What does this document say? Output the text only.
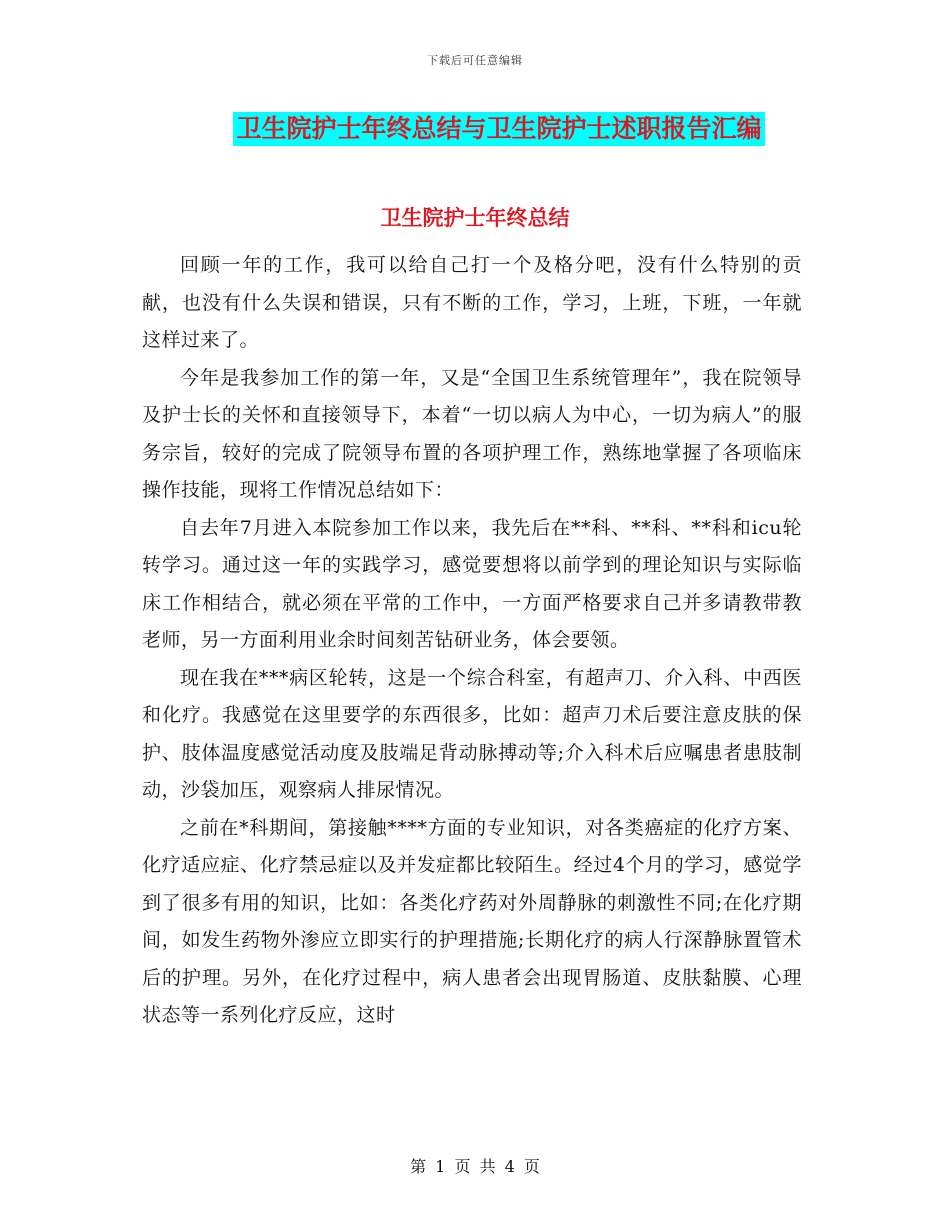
下载后可任意编辑
卫生院护士年终总结与卫生院护士述职报告汇编
卫生院护士年终总结

回顾一年的工作，我可以给自己打一个及格分吧，没有什么特别的贡献，也没有什么失误和错误，只有不断的工作，学习，上班，下班，一年就这样过来了。

今年是我参加工作的第一年，又是“全国卫生系统管理年”，我在院领导及护士长的关怀和直接领导下，本着“一切以病人为中心，一切为病人”的服务宗旨，较好的完成了院领导布置的各项护理工作，熟练地掌握了各项临床操作技能，现将工作情况总结如下：

自去年7月进入本院参加工作以来，我先后在**科、**科、**科和icu轮转学习。通过这一年的实践学习，感觉要想将以前学到的理论知识与实际临床工作相结合，就必须在平常的工作中，一方面严格要求自己并多请教带教老师，另一方面利用业余时间刻苦钻研业务，体会要领。

现在我在***病区轮转，这是一个综合科室，有超声刀、介入科、中西医和化疗。我感觉在这里要学的东西很多，比如：超声刀术后要注意皮肤的保护、肢体温度感觉活动度及肢端足背动脉搏动等;介入科术后应嘱患者患肢制动，沙袋加压，观察病人排尿情况。

之前在*科期间，第接触****方面的专业知识，对各类癌症的化疗方案、化疗适应症、化疗禁忌症以及并发症都比较陌生。经过4个月的学习，感觉学到了很多有用的知识，比如：各类化疗药对外周静脉的刺激性不同;在化疗期间，如发生药物外渗应立即实行的护理措施;长期化疗的病人行深静脉置管术后的护理。另外，在化疗过程中，病人患者会出现胃肠道、皮肤黏膜、心理状态等一系列化疗反应，这时

第 1 页 共 4 页
